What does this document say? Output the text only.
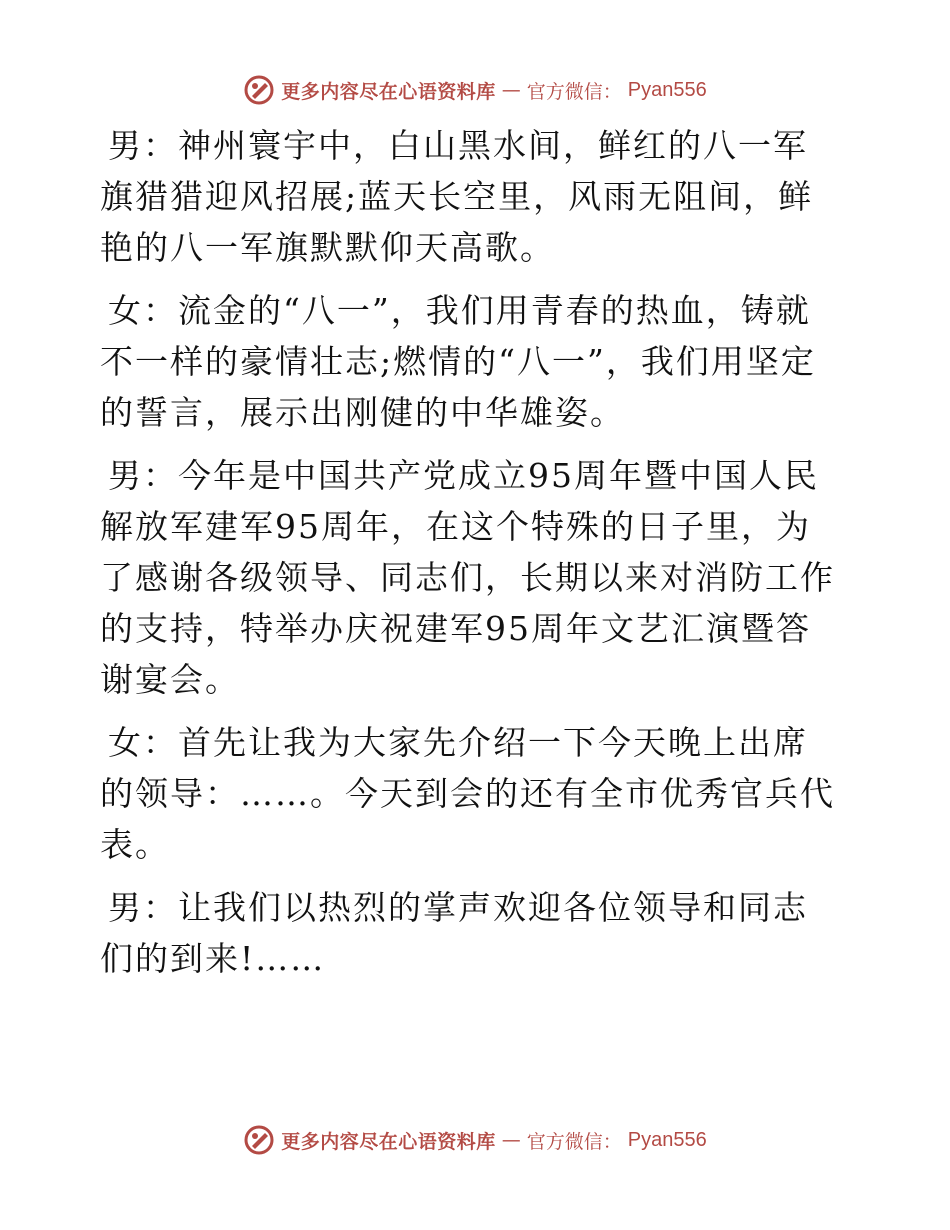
更多内容尽在心语资料库 — 官方微信： Pyan556

男：神州寰宇中，白山黑水间，鲜红的八一军旗猎猎迎风招展;蓝天长空里，风雨无阻间，鲜艳的八一军旗默默仰天高歌。

女：流金的“八一”，我们用青春的热血，铸就不一样的豪情壮志;燃情的“八一”，我们用坚定的誓言，展示出刚健的中华雄姿。

男：今年是中国共产党成立95周年暨中国人民解放军建军95周年，在这个特殊的日子里，为了感谢各级领导、同志们，长期以来对消防工作的支持，特举办庆祝建军95周年文艺汇演暨答谢宴会。

女：首先让我为大家先介绍一下今天晚上出席的领导：……。今天到会的还有全市优秀官兵代表。

男：让我们以热烈的掌声欢迎各位领导和同志们的到来!……

更多内容尽在心语资料库 — 官方微信： Pyan556
